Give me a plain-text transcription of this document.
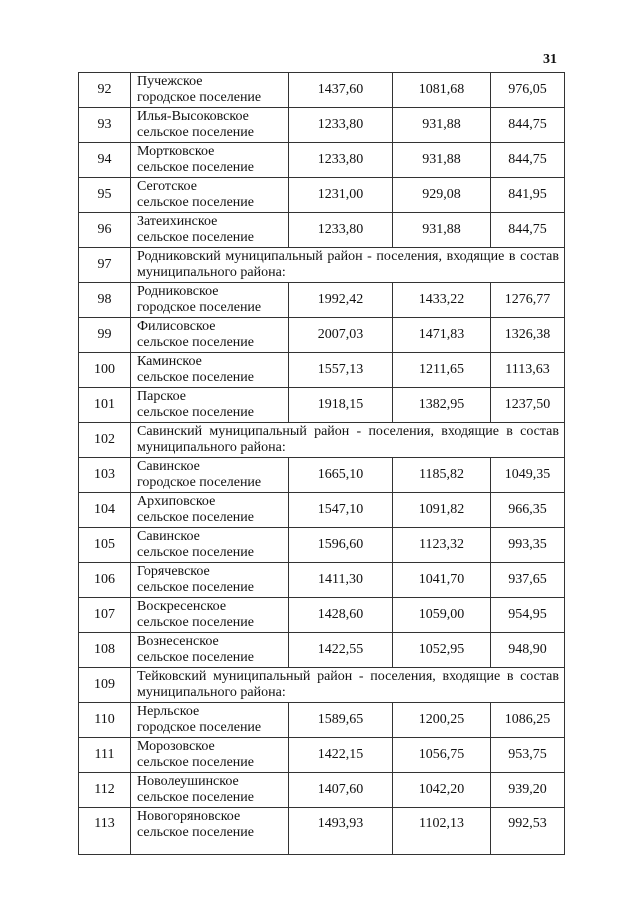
31
92	Пучежское
городское поселение	1437,60	1081,68	976,05
93	Илья-Высоковское
сельское поселение	1233,80	931,88	844,75
94	Мортковское
сельское поселение	1233,80	931,88	844,75
95	Сеготское
сельское поселение	1231,00	929,08	841,95
96	Затеихинское
сельское поселение	1233,80	931,88	844,75
97	Родниковский муниципальный район - поселения, входящие в состав муниципального района:			
98	Родниковское
городское поселение	1992,42	1433,22	1276,77
99	Филисовское
сельское поселение	2007,03	1471,83	1326,38
100	Каминское
сельское поселение	1557,13	1211,65	1113,63
101	Парское
сельское поселение	1918,15	1382,95	1237,50
102	Савинский муниципальный район - поселения, входящие в состав муниципального района:			
103	Савинское
городское поселение	1665,10	1185,82	1049,35
104	Архиповское
сельское поселение	1547,10	1091,82	966,35
105	Савинское
сельское поселение	1596,60	1123,32	993,35
106	Горячевское
сельское поселение	1411,30	1041,70	937,65
107	Воскресенское
сельское поселение	1428,60	1059,00	954,95
108	Вознесенское
сельское поселение	1422,55	1052,95	948,90
109	Тейковский муниципальный район - поселения, входящие в состав муниципального района:			
110	Нерльское
городское поселение	1589,65	1200,25	1086,25
111	Морозовское
сельское поселение	1422,15	1056,75	953,75
112	Новолеушинское
сельское поселение	1407,60	1042,20	939,20
113	Новогоряновское
сельское поселение	1493,93	1102,13	992,53
